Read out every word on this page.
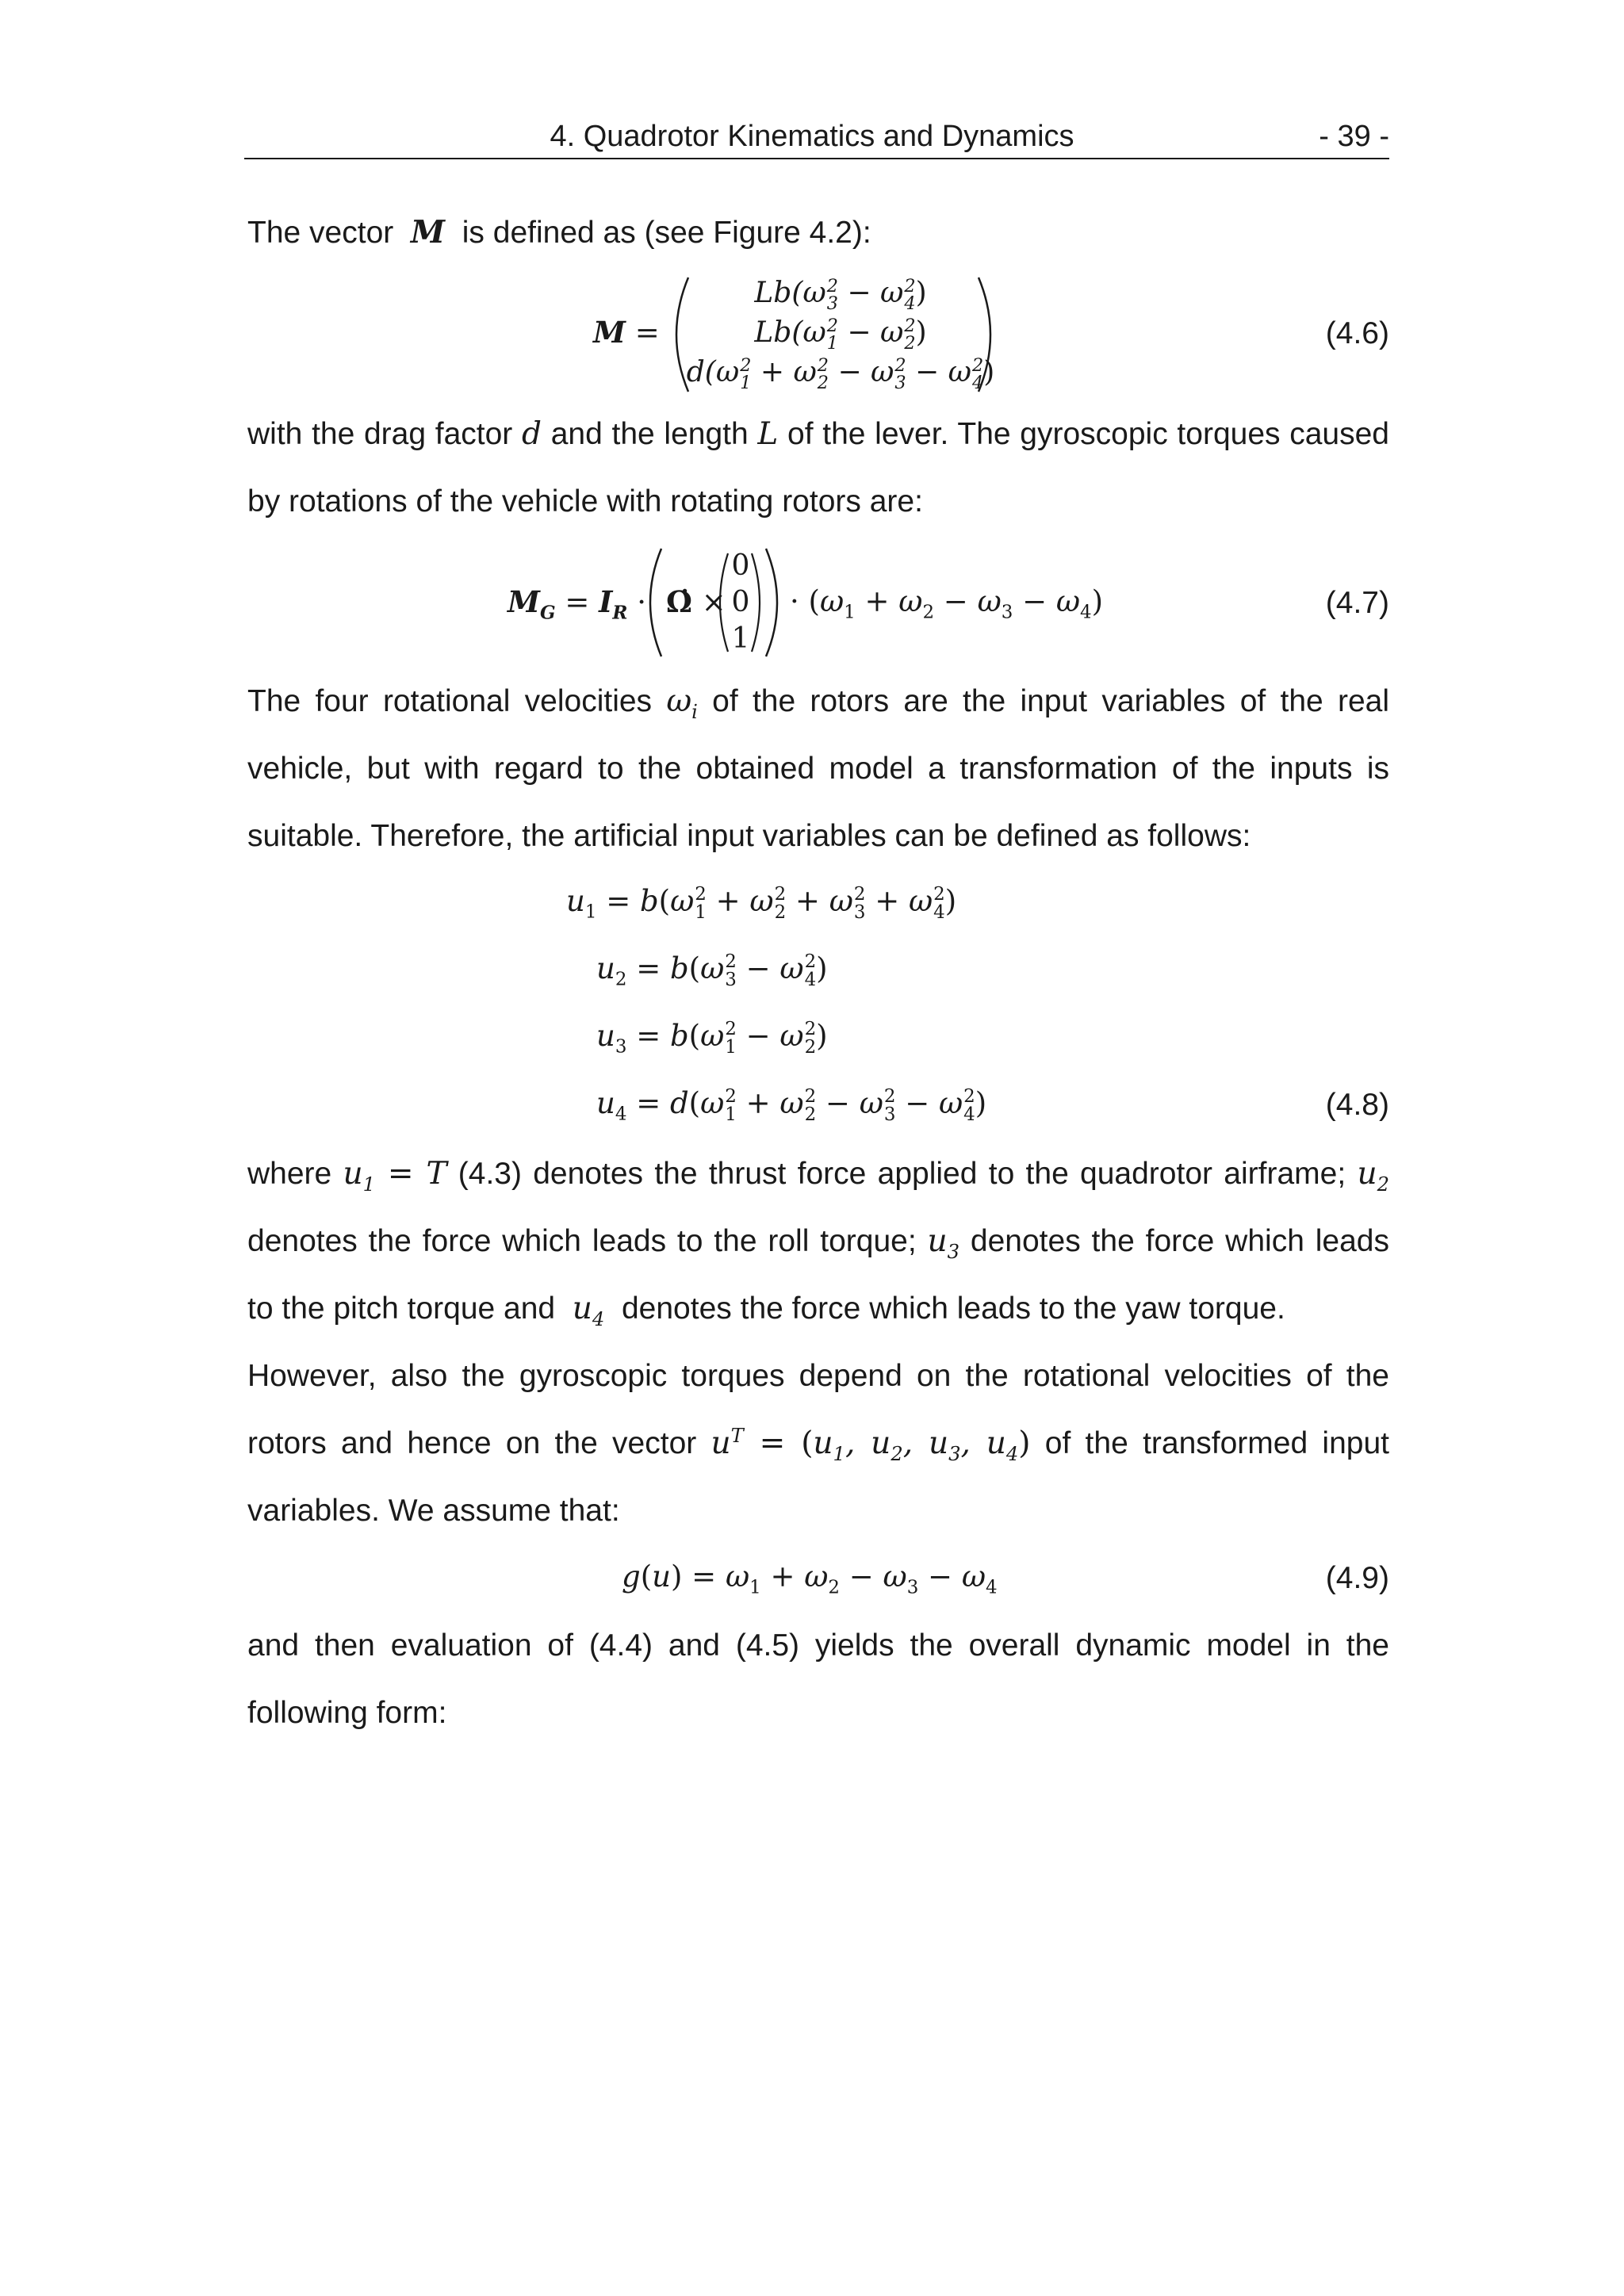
4. Quadrotor Kinematics and Dynamics	- 39 -
The vector M is defined as (see Figure 4.2):
M =
Lb(ω 2
3 − ω 2
4 )
Lb(ω 2
1 − ω 2
2 )
d(ω 2
1 + ω 2
2 − ω 2
3 − ω 2
4 )
(4.6)
with the drag factor d and the length L of the lever. The gyroscopic torques caused
by rotations of the vehicle with rotating rotors are:
$M_G = I_R$ · Ω̇ ×
0
0
1
· $(\omega_1 + \omega_2 - \omega_3 - \omega_4)$	(4.7)
The four rotational velocities $\omega_i$ of the rotors are the input variables of the real
vehicle, but with regard to the obtained model a transformation of the inputs is
suitable. Therefore, the artificial input variables can be defined as follows:
$u_1 = b(\omega$ 2
1 + ω 2
2 + ω 2
3 + ω 2
4 )
$u_2 = b(\omega$ 2
3 − ω 2
4 )
$u_3 = b(\omega$ 2
1 − ω 2
2 )
$u_4 = d(\omega$ 2
1 + ω 2
2 − ω 2
3 − ω 2
4 )	(4.8)
where $u_1 = T$ (4.3) denotes the thrust force applied to the quadrotor airframe; $u_2$
denotes the force which leads to the roll torque; $u_3$ denotes the force which leads
to the pitch torque and $u_4$ denotes the force which leads to the yaw torque.
However, also the gyroscopic torques depend on the rotational velocities of the
rotors and hence on the vector $u^T = (u_1$, $u_2$, $u_3$, $u_4$) of the transformed input
variables. We assume that:
$g(u) = \omega_1 + \omega_2 - \omega_3 - \omega_4$	(4.9)
and then evaluation of (4.4) and (4.5) yields the overall dynamic model in the
following form:
